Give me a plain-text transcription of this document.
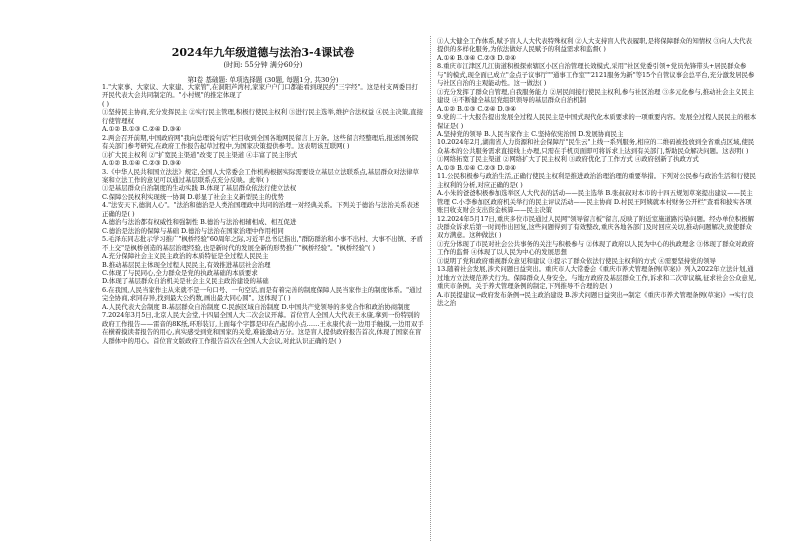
2024年九年级道德与法治3-4课试卷
(时间: 55分钟 满分60分)
第Ⅰ卷 基础题: 单项选择题 (30题, 每题1分, 共30分)

1."大家事、大家议、大家建、大家管",在洞阳芦湾村,家家户户门口都能看到现民约"三字经"。这是村支两委目打开民代表大会共同制定的。"小村规"的推定体现了

( )

①坚持民主协商,充分发挥民主 ②实行民主管理,积极行使民主权利 ③进行民主选举,维护合法权益 ④民主决策,直接行使管理权

A.①② B.①③ C.②④ D.③④

2.两会召开前期,中国政府网"我向总理说句话"栏目收到全国各地网民留言上万条。这些留言经整理后,报送国务院有关部门参考研究,在政府工作报告起草过程中,为国家决策提供参考。这表明该互联网( )

①扩大民主权利 ②"扩宽民主渠道"改变了民主渠道 ④丰富了民主形式

A.①② B.①④ C.②③ D.③④

3.《中华人民共和国立法法》规定,全国人大常委会工作机构根据实际需要设立基层立法联系点,基层群众对法律草案和立法工作的意见可以通过基层联系点充分反映。此举( )

①是基层群众自治制度的生动实践 B.体现了基层群众依法行使立法权

C.保障公民权利实现统一协调 D.彰显了社会主义新型民主的优势

4."法安天下,德润人心"。"法治和德治是人类治国理政中共同的治理一对经典关系。下列关于德治与法治关系表述正确的是( )

A.德治与法治都有权威性和强制性 B.德治与法治相辅相成、相互促进

C.德治是法治的保障与基础 D.德治与法治在国家治理中作用相同

5.毛泽东同志批示学习推广"枫桥经验"60周年之际,习近平总书记指出,"群防群治和小事不出村、大事不出镇、矛盾不上交"是枫桥创造的基层治理经验,也是新时代的发展全新的形势推广"枫桥经验"。"枫桥经验"( )

A.充分保障社会主义民主政治的本质特征是全过程人民民主

B.推动基层民主体现全过程人民民主,有效推进基层社会治理

C.体现了与民同心,全力群众是党的执政基础的本质要求

D.体现了基层群众自治机关是社会主义民主政治建设的基础

6.在我国,人民当家作主从来就不是一句口号、一句空话,而是有着完善的制度保障人民当家作主的制度体系。"通过完全协商,求同存异,找到最大公约数,画出最大同心圆"。这体现了( )

A.人民代表大会制度 B.基层群众自治制度 C.民族区域自治制度 D.中国共产党领导的多党合作和政治协商制度

7.2024年3月5日,北京人民大会堂,十四届全国人大二次会议开幕。首位官人全国人大代表王永康,拿到一份特别的政府工作报告——雷音的8K纸,环形装订,上面每个字都是印在凸起的小点……王永康代表一边用手触摸,一边用双手在横着摸读者报告的用心,真实感受到党和国家的关爱,难能激动万分。这是盲人提供政府报告首次,体现了国家在盲人群体中的用心。首位盲文版政府工作报告首次在全国人大会议,对此认识正确的是( )

①人大健全工作体系,赋予盲人人大代表特殊权利 ②人大支持盲人代表履职,是将保障群众的知情权 ③向人大代表提供的多样化服务,为依法做好人民赋予的利益需求和监督( )

A.①④ B.③④ C.②③ D.②④

8.重庆市江津区几江街道积极探索辖区小区自治管理长效模式,采用"社区党委引领+党员先锋带头+居民群众参与"的模式,现全面已成立"金点子议事厅""通事工作室""2121服务为新"等15个自管议事会总平台,充分激发居民参与社区自治的主观能动性。这一做法( )

①充分发挥了群众自管理,自我服务能力 ②居民间接行使民主权利,参与社区治理 ③多元化参与,推动社会主义民主建设 ④不断健全基层党组织领导的基层群众自治机制

A.①② B.①③ C.②④ D.③④

9.党的二十大报告提出发展全过程人民民主是中国式现代化本质要求的一项重要内容。发展全过程人民民主的根本保证是( )

A.坚持党的领导 B.人民当家作主 C.坚持依宪治国 D.发展协商民主

10.2024年2月,湖南省人力资源和社会保障厅"民生云"上线一系列服务,相应的二维码被投放到全省重点区域,使民众基本的公共服务需求直接线上办理,只需在手机页面即可将诉求上达到有关部门,帮助民众解决问题。这表明( )

①网络拓宽了民主渠道 ②网络扩大了民主权利 ③政府优化了工作方式 ④政府创新了执政方式

A.①③ B.①④ C.②③ D.②④

11.公民积极参与政治生活,正确行使民主权利是推进政治治理治理的重要举措。下列对公民参与政治生活和行使民主权利的分析,对应正确的是( )

A.小朱的爸爸积极参加选举区人大代表的活动——民主选举 B.张叔叔对本市的十四五规划草案提出建议——民主管理 C.小李参加区政府机关举行的民主评议活动——民主协商 D.村民王阿姨就本村财务公开栏"查看和披实各项账目收支财会支出资金核算——民主决策

12.2024年5月17日,重庆多位市民通过人民网"领导留言板"留言,反映了附近室施道路污染问题。经办单位积极解决群众诉求后第一时间作出回复,这些问题得到了有效整改,重庆各地各部门及时回应关切,推动问题解决,致使群众双方满意。这种做法( )

①充分体现了市民对社会公共事务的关注与积极参与 ②体现了政府以人民为中心的执政理念 ③体现了群众对政府工作的监督 ④体现了以人民为中心的发展思想

①说明了党和政府重视群众意见和建议 ③提示了群众依法行使民主权利的方式 ④需要坚持党的领导

13.随着社会发展,涉犬问题日益突出。重庆市人大常委会《重庆市养犬管理条例(草案)》列入2022年立法计划,通过地方立法规范养犬行为。保障群众人身安全。与地方政府及基层群众工作,诉求和二次审议稿,征求社会公众意见,重庆市条例。关于养犬管理条例的制定,下列推导不合理的是( )

A.市民提建议→政府发布条例→民主政治建设 B.涉犬问题日益突出→制定《重庆市养犬管理条例(草案)》→实行良法之治
